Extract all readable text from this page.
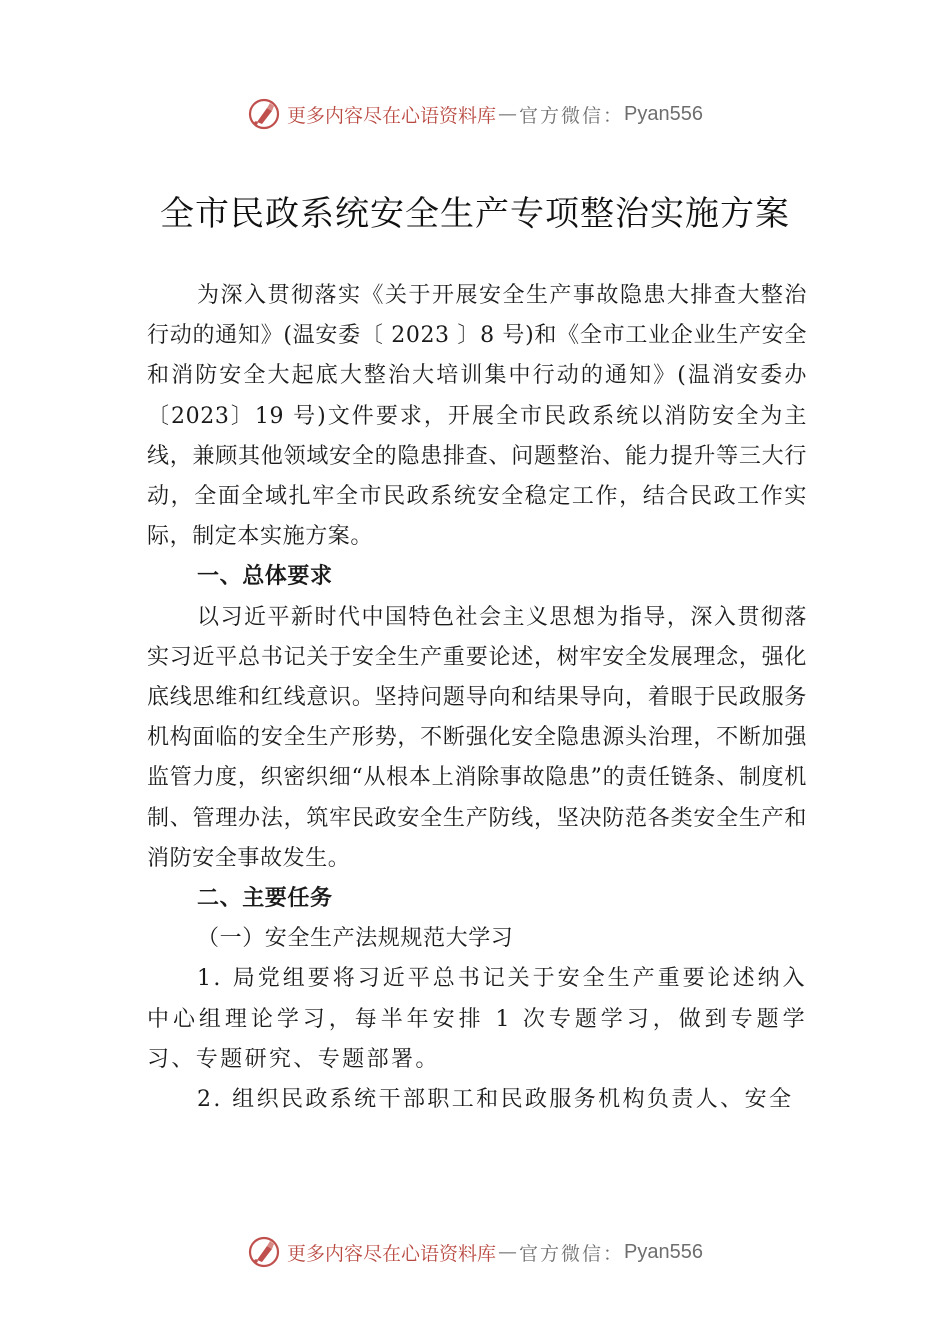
更多内容尽在心语资料库 — 官方微信： Pyan556
全市民政系统安全生产专项整治实施方案

为深入贯彻落实《关于开展安全生产事故隐患大排查大整治行动的通知》(温安委〔 2023 〕8 号)和《全市工业企业生产安全和消防安全大起底大整治大培训集中行动的通知》(温消安委办〔2023〕19 号)文件要求，开展全市民政系统以消防安全为主线，兼顾其他领域安全的隐患排查、问题整治、能力提升等三大行动，全面全域扎牢全市民政系统安全稳定工作，结合民政工作实际，制定本实施方案。

一、总体要求

以习近平新时代中国特色社会主义思想为指导，深入贯彻落实习近平总书记关于安全生产重要论述，树牢安全发展理念，强化底线思维和红线意识。坚持问题导向和结果导向，着眼于民政服务机构面临的安全生产形势，不断强化安全隐患源头治理，不断加强监管力度，织密织细“从根本上消除事故隐患”的责任链条、制度机制、管理办法，筑牢民政安全生产防线，坚决防范各类安全生产和消防安全事故发生。

二、主要任务
（一）安全生产法规规范大学习

1. 局党组要将习近平总书记关于安全生产重要论述纳入中心组理论学习，每半年安排 1 次专题学习，做到专题学习、专题研究、专题部署。

2. 组织民政系统干部职工和民政服务机构负责人、安全

更多内容尽在心语资料库 — 官方微信： Pyan556
